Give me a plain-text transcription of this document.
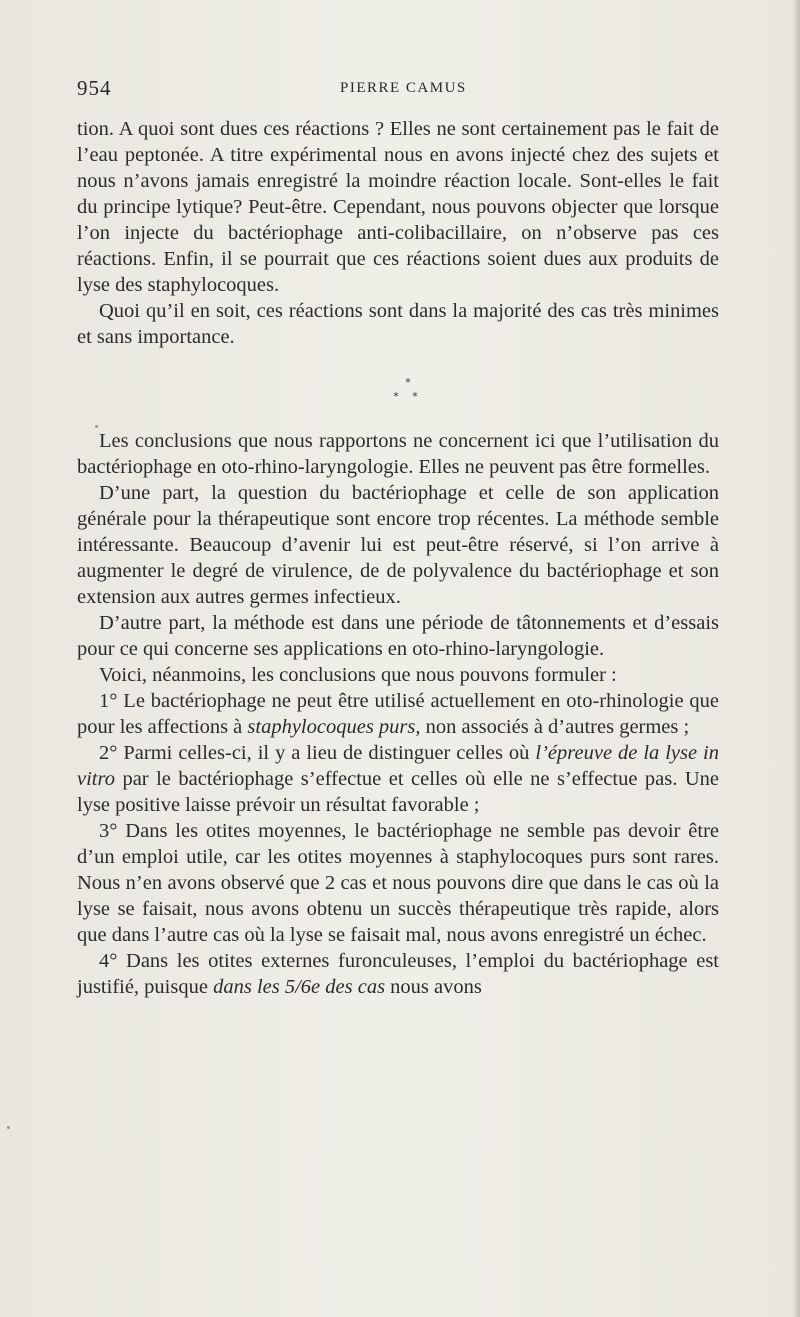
954	PIERRE CAMUS

tion. A quoi sont dues ces réactions ? Elles ne sont certainement pas le fait de l’eau peptonée. A titre expérimental nous en avons injecté chez des sujets et nous n’avons jamais enregistré la moindre réaction locale. Sont-elles le fait du principe lytique? Peut-être. Cependant, nous pouvons objecter que lorsque l’on injecte du bactériophage anti-colibacillaire, on n’observe pas ces réactions. Enfin, il se pourrait que ces réactions soient dues aux produits de lyse des staphylocoques.

Quoi qu’il en soit, ces réactions sont dans la majorité des cas très minimes et sans importance.

*
* *

Les conclusions que nous rapportons ne concernent ici que l’utilisation du bactériophage en oto-rhino-laryngologie. Elles ne peuvent pas être formelles.

D’une part, la question du bactériophage et celle de son application générale pour la thérapeutique sont encore trop récentes. La méthode semble intéressante. Beaucoup d’avenir lui est peut-être réservé, si l’on arrive à augmenter le degré de virulence, de de polyvalence du bactériophage et son extension aux autres germes infectieux.

D’autre part, la méthode est dans une période de tâtonnements et d’essais pour ce qui concerne ses applications en oto-rhino-laryngologie.

Voici, néanmoins, les conclusions que nous pouvons formuler :

1° Le bactériophage ne peut être utilisé actuellement en oto-rhinologie que pour les affections à staphylocoques purs, non associés à d’autres germes ;

2° Parmi celles-ci, il y a lieu de distinguer celles où l’épreuve de la lyse in vitro par le bactériophage s’effectue et celles où elle ne s’effectue pas. Une lyse positive laisse prévoir un résultat favorable ;

3° Dans les otites moyennes, le bactériophage ne semble pas devoir être d’un emploi utile, car les otites moyennes à staphylocoques purs sont rares. Nous n’en avons observé que 2 cas et nous pouvons dire que dans le cas où la lyse se faisait, nous avons obtenu un succès thérapeutique très rapide, alors que dans l’autre cas où la lyse se faisait mal, nous avons enregistré un échec.

4° Dans les otites externes furonculeuses, l’emploi du bactériophage est justifié, puisque dans les 5/6e des cas nous avons
